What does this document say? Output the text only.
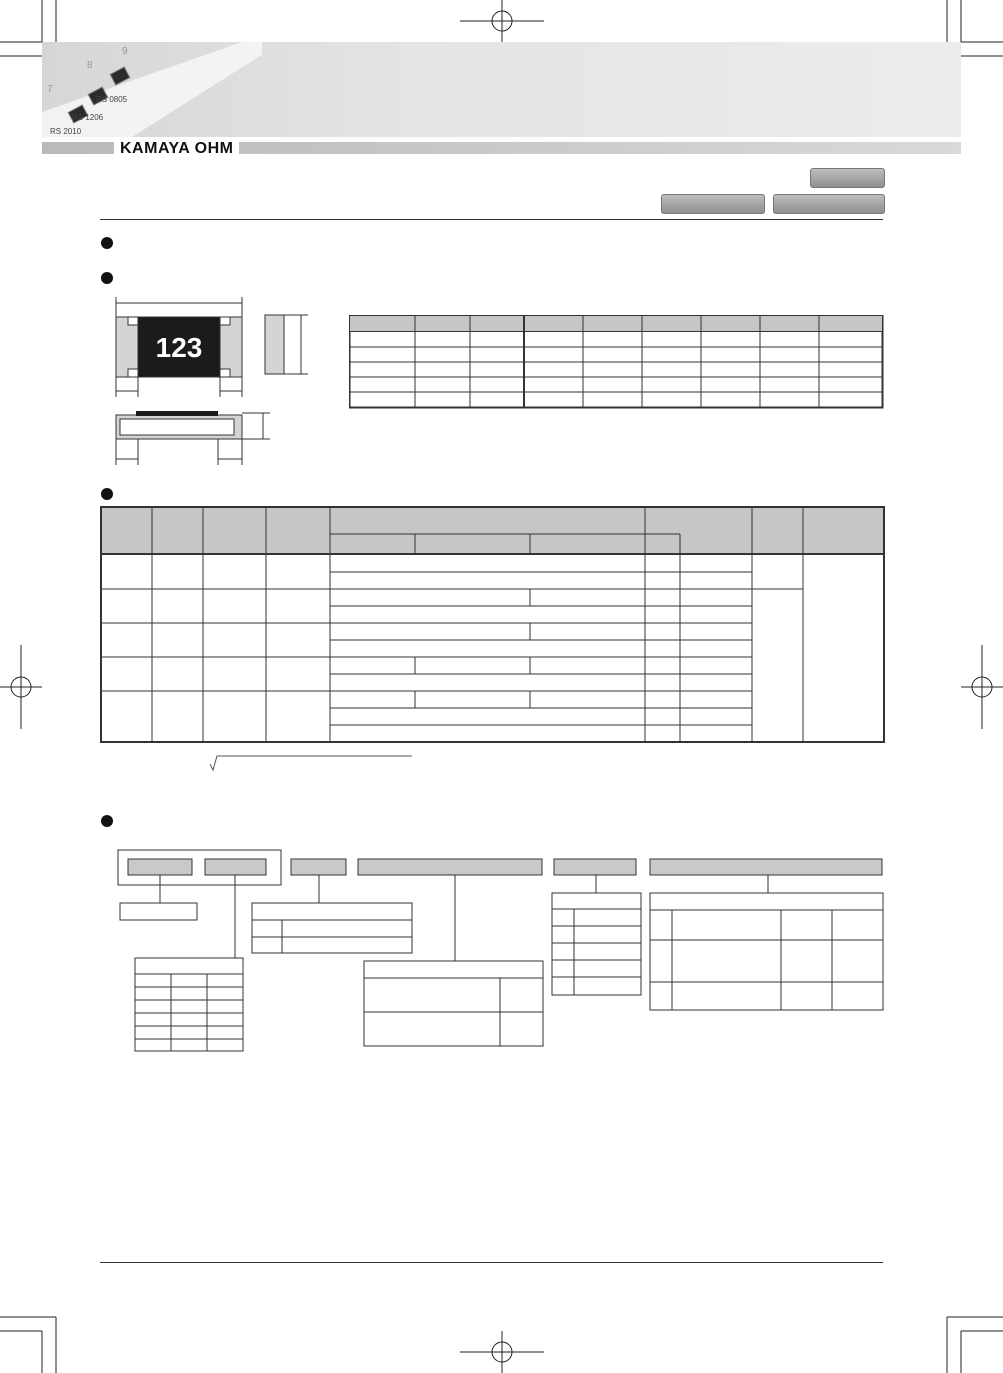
RS 2010
RS 1206
RS 0805
7
8
9
KAMAYA OHM
123
